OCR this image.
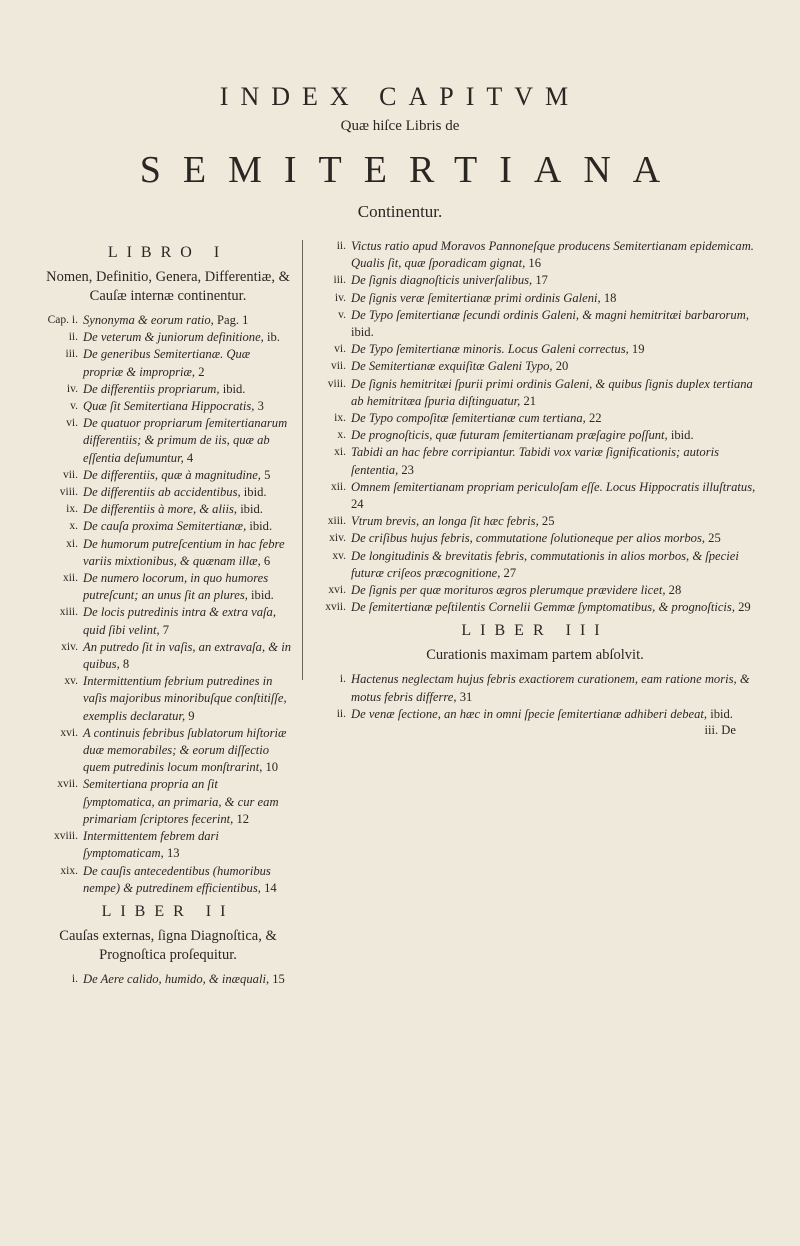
INDEX CAPITVM
Quæ hiſce Libris de
SEMITERTIANA
Continentur.
LIBRO I
Nomen, Definitio, Genera, Differentiæ, & Cauſæ internæ continentur.
Cap. i. Synonyma & eorum ratio, Pag. 1
ii. De veterum & juniorum definitione, ib.
iii. De generibus Semitertianæ. Quæ propriæ & impropriæ, 2
iv. De differentiis propriarum, ibid.
v. Quæ ſit Semitertiana Hippocratis, 3
vi. De quatuor propriarum ſemitertianarum differentiis; & primum de iis, quæ ab eſſentia deſumuntur, 4
vii. De differentiis, quæ à magnitudine, 5
viii. De differentiis ab accidentibus, ibid.
ix. De differentiis à more, & aliis, ibid.
x. De cauſa proxima Semitertianæ, ibid.
xi. De humorum putreſcentium in hac febre variis mixtionibus, & quænam illæ, 6
xii. De numero locorum, in quo humores putreſcunt; an unus ſit an plures, ibid.
xiii. De locis putredinis intra & extra vaſa, quid ſibi velint, 7
xiv. An putredo ſit in vaſis, an extravaſa, & in quibus, 8
xv. Intermittentium febrium putredines in vaſis majoribus minoribuſque conſtitiſſe, exemplis declaratur, 9
xvi. A continuis febribus ſublatorum hiſtoriæ duæ memorabiles; & eorum diſſectio quem putredinis locum monſtrarint, 10
xvii. Semitertiana propria an ſit ſymptomatica, an primaria, & cur eam primariam ſcriptores fecerint, 12
xviii. Intermittentem febrem dari ſymptomaticam, 13
xix. De cauſis antecedentibus (humoribus nempe) & putredinem efficientibus, 14
LIBER II
Cauſas externas, ſigna Diagnoſtica, & Prognoſtica proſequitur.
i. De Aere calido, humido, & inæquali, 15
ii. Victus ratio apud Moravos Pannoneſque producens Semitertianam epidemicam. Qualis ſit, quæ ſporadicam gignat, 16
iii. De ſignis diagnoſticis univerſalibus, 17
iv. De ſignis veræ ſemitertianæ primi ordinis Galeni, 18
v. De Typo ſemitertianæ ſecundi ordinis Galeni, & magni hemitritæi barbarorum, ibid.
vi. De Typo ſemitertianæ minoris. Locus Galeni correctus, 19
vii. De Semitertianæ exquiſitæ Galeni Typo, 20
viii. De ſignis hemitritæi ſpurii primi ordinis Galeni, & quibus ſignis duplex tertiana ab hemitritæa ſpuria diſtinguatur, 21
ix. De Typo compoſitæ ſemitertianæ cum tertiana, 22
x. De prognoſticis, quæ futuram ſemitertianam præſagire poſſunt, ibid.
xi. Tabidi an hac febre corripiantur. Tabidi vox variæ ſignificationis; autoris ſententia, 23
xii. Omnem ſemitertianam propriam periculoſam eſſe. Locus Hippocratis illuſtratus, 24
xiii. Vtrum brevis, an longa ſit hæc febris, 25
xiv. De criſibus hujus febris, commutatione ſolutioneque per alios morbos, 25
xv. De longitudinis & brevitatis febris, commutationis in alios morbos, & ſpeciei futuræ criſeos præcognitione, 27
xvi. De ſignis per quæ morituros ægros plerumque prævidere licet, 28
xvii. De ſemitertianæ peſtilentis Cornelii Gemmæ ſymptomatibus, & prognoſticis, 29
LIBER III
Curationis maximam partem abſolvit.
i. Hactenus neglectam hujus febris exactiorem curationem, eam ratione moris, & motus febris differre, 31
ii. De venæ ſectione, an hæc in omni ſpecie ſemitertianæ adhiberi debeat, ibid.
iii. De
